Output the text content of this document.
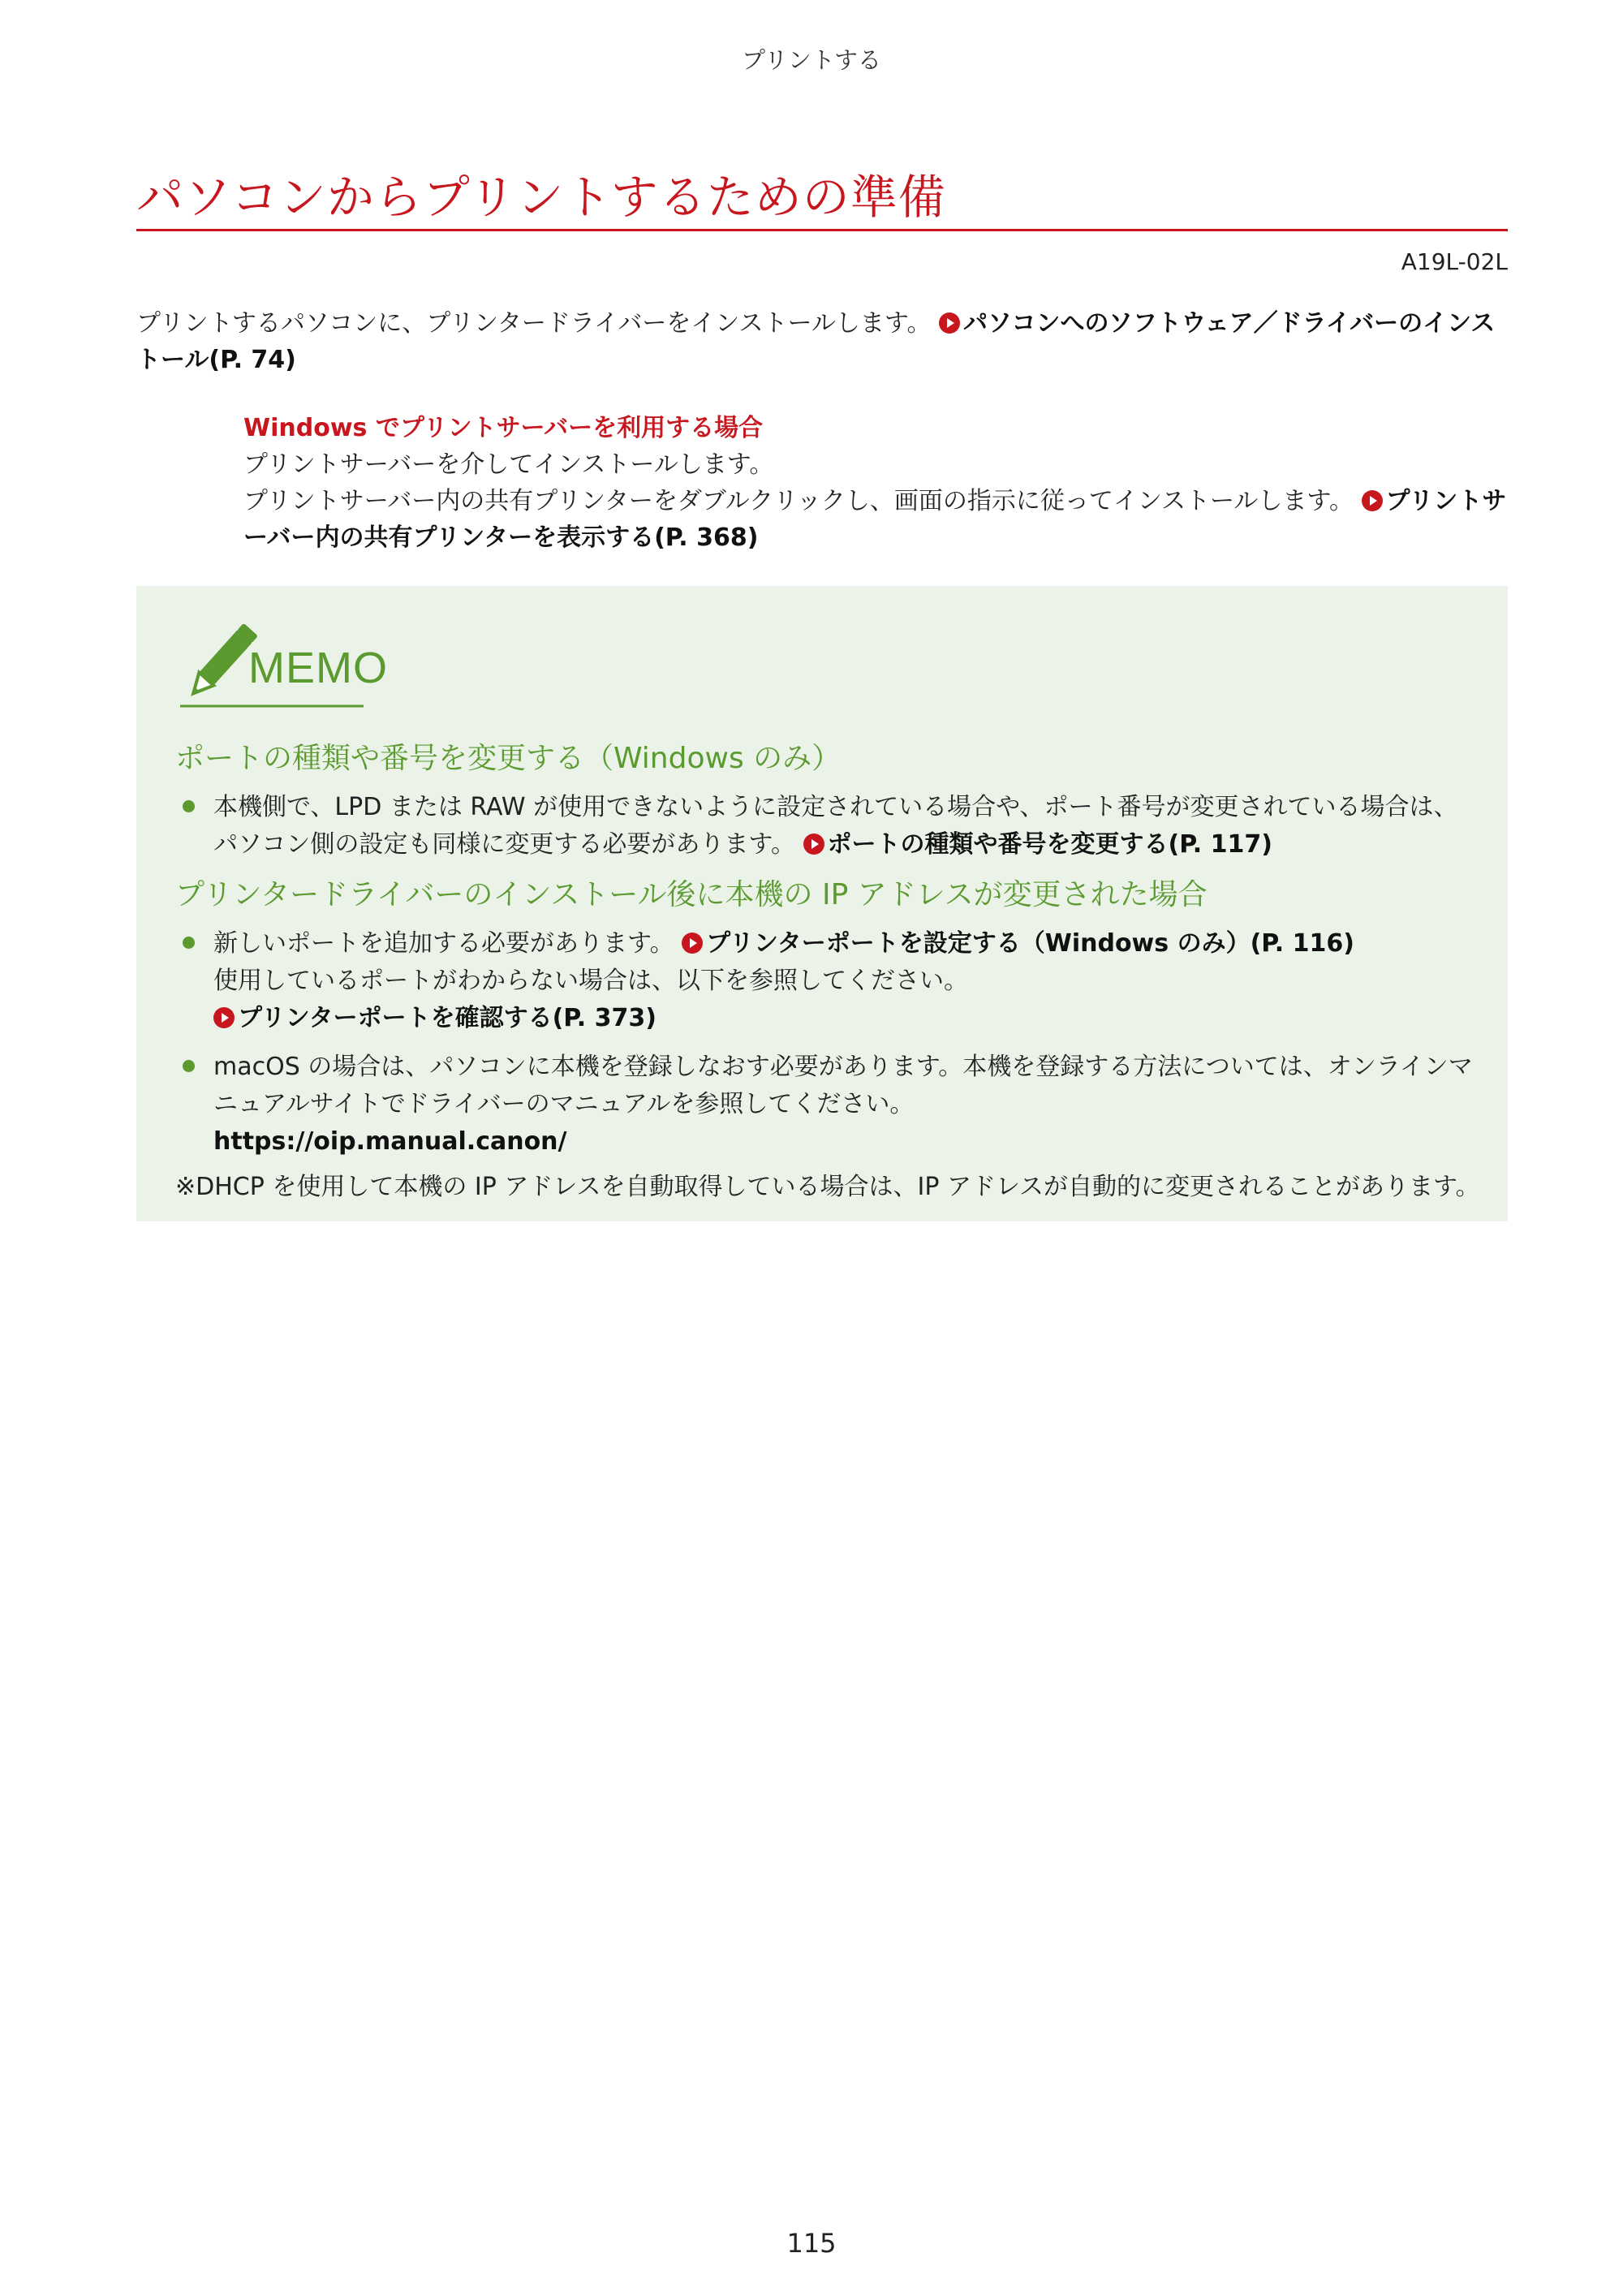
プリントする
パソコンからプリントするための準備
A19L-02L
プリントするパソコンに、プリンタードライバーをインストールします。 パソコンへのソフトウェア／ドライバーのインストール(P. 74)
Windows でプリントサーバーを利用する場合
プリントサーバーを介してインストールします。
プリントサーバー内の共有プリンターをダブルクリックし、画面の指示に従ってインストールします。 プリントサーバー内の共有プリンターを表示する(P. 368)
MEMO
ポートの種類や番号を変更する（Windows のみ）
本機側で、LPD または RAW が使用できないように設定されている場合や、ポート番号が変更されている場合は、パソコン側の設定も同様に変更する必要があります。 ポートの種類や番号を変更する(P. 117)
プリンタードライバーのインストール後に本機の IP アドレスが変更された場合
新しいポートを追加する必要があります。 プリンターポートを設定する（Windows のみ）(P. 116)
使用しているポートがわからない場合は、以下を参照してください。
プリンターポートを確認する(P. 373)
macOS の場合は、パソコンに本機を登録しなおす必要があります。本機を登録する方法については、オンラインマニュアルサイトでドライバーのマニュアルを参照してください。
https://oip.manual.canon/
※DHCP を使用して本機の IP アドレスを自動取得している場合は、IP アドレスが自動的に変更されることがあります。
115
